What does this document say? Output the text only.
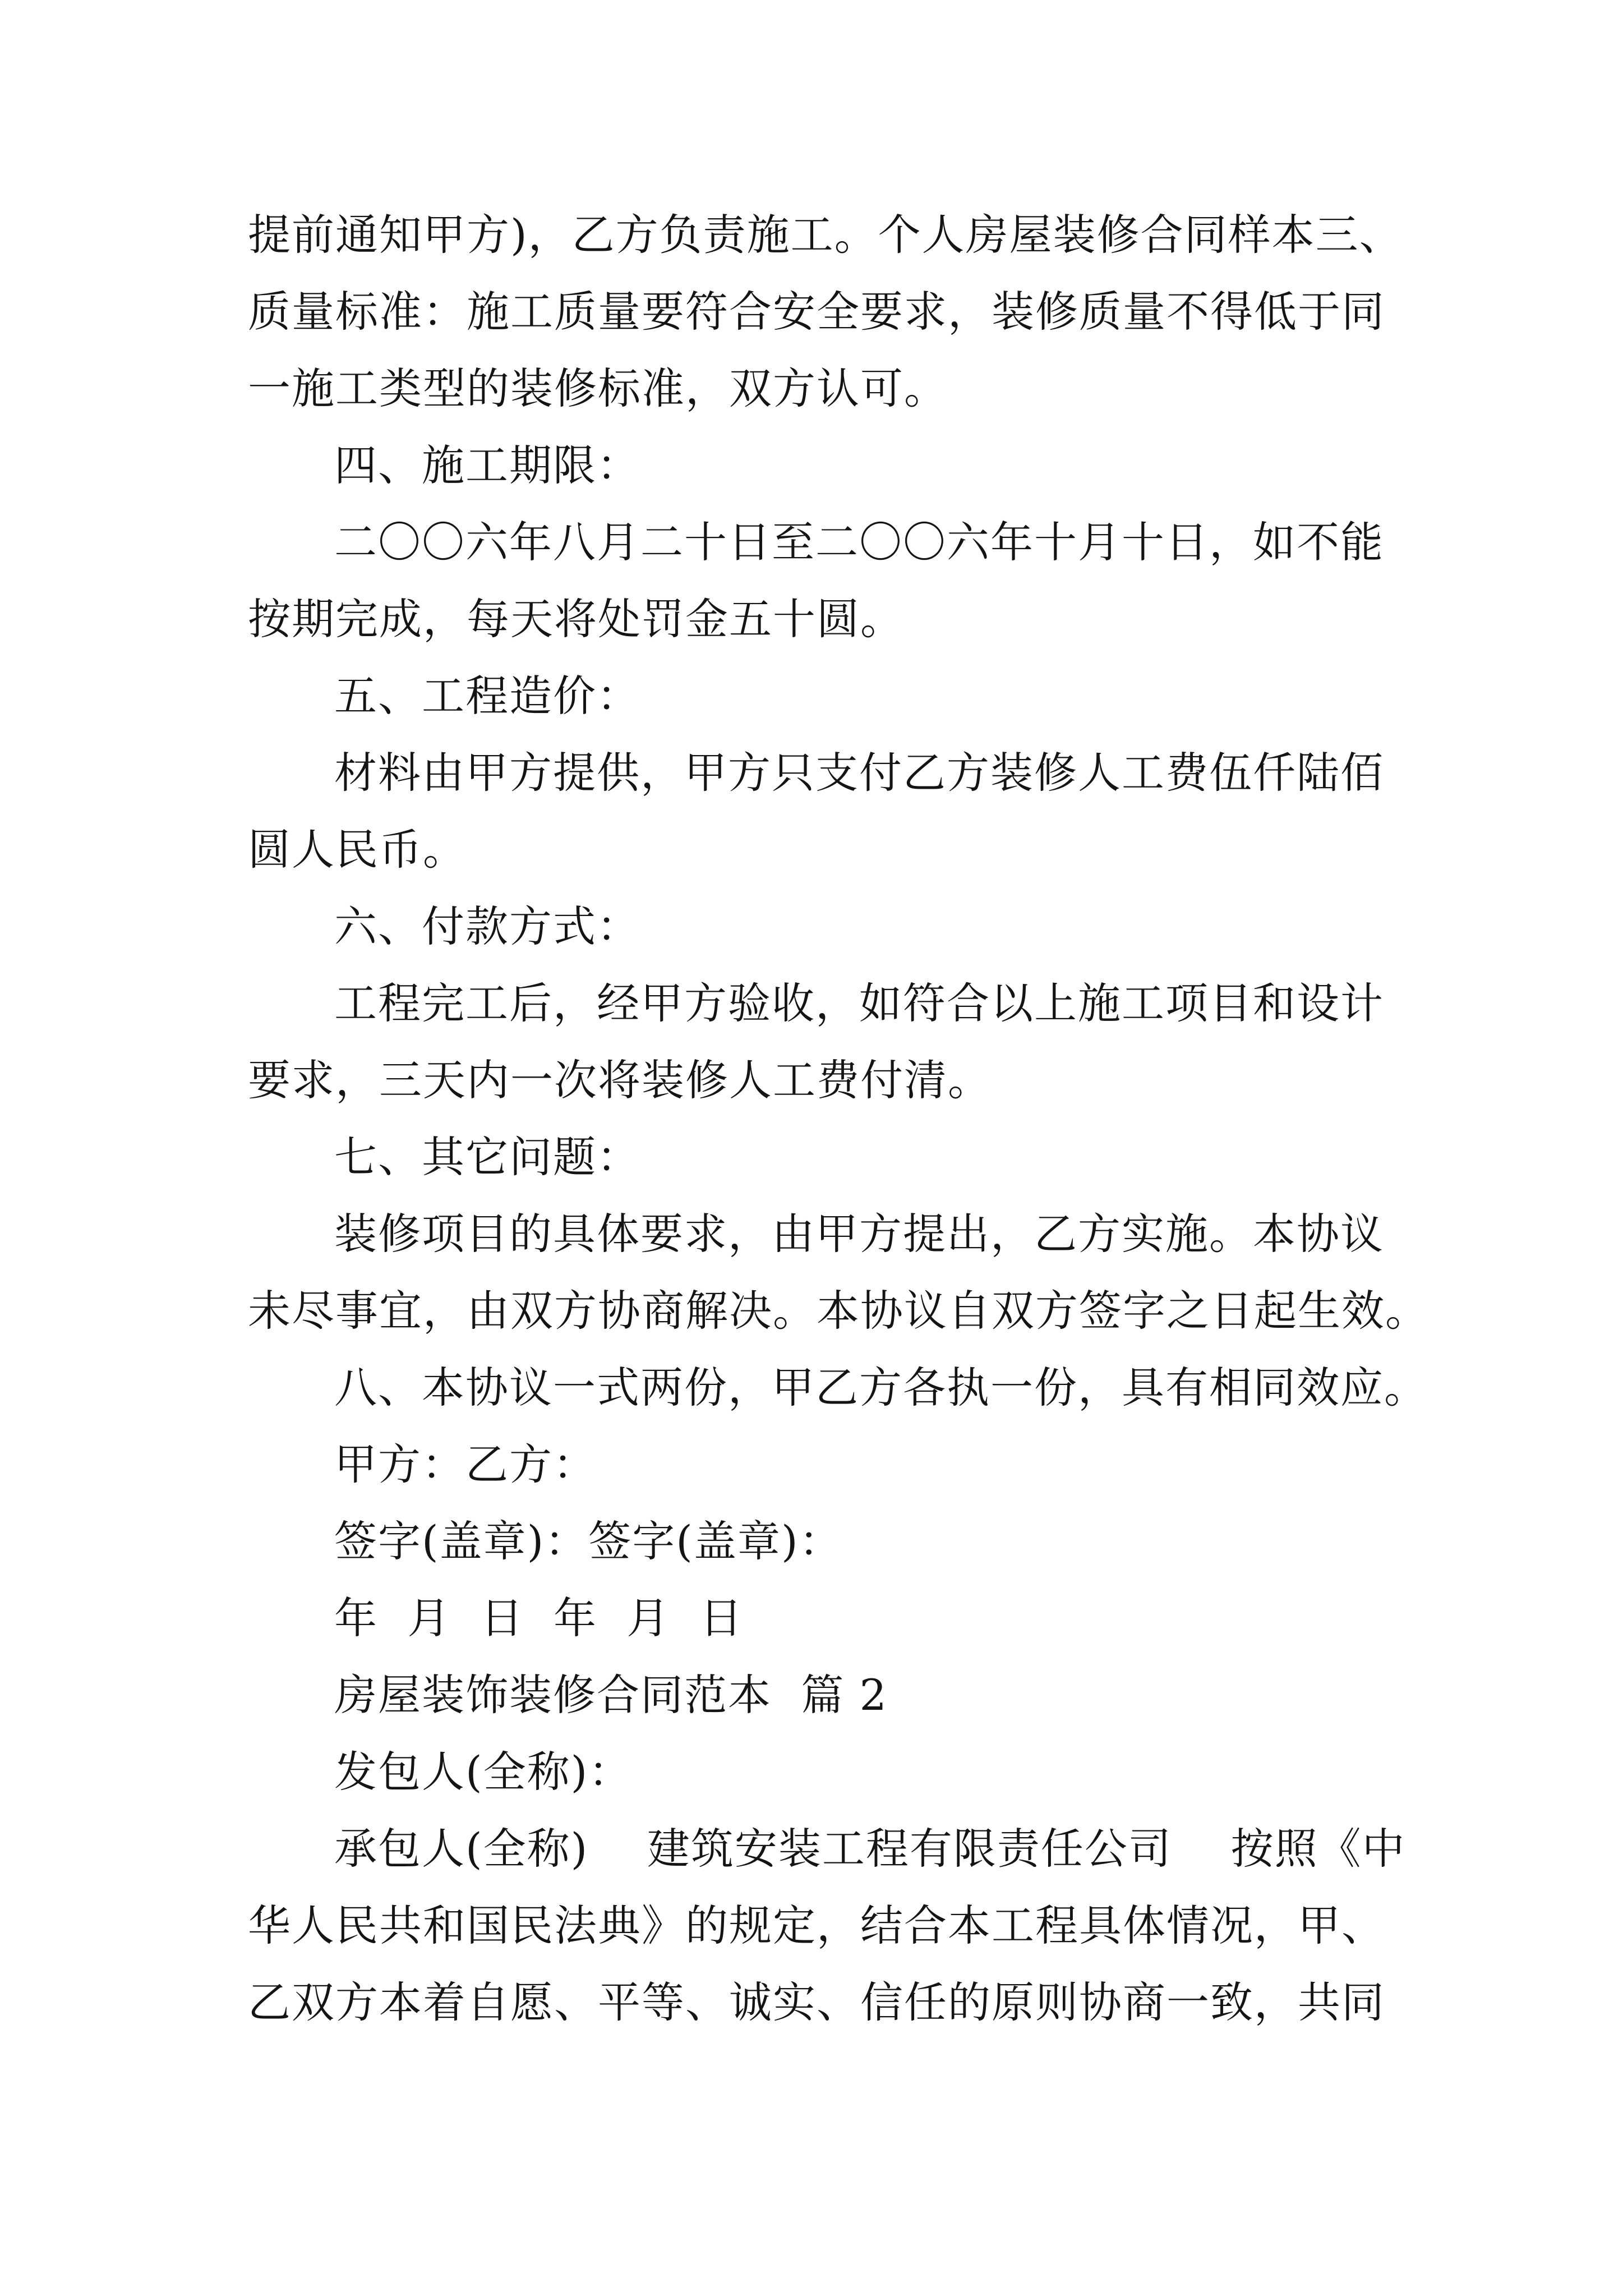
提前通知甲方)，乙方负责施工。个人房屋装修合同样本三、
质量标准：施工质量要符合安全要求，装修质量不得低于同
一施工类型的装修标准，双方认可。
四、施工期限：
二〇〇六年八月二十日至二〇〇六年十月十日，如不能
按期完成，每天将处罚金五十圆。
五、工程造价：
材料由甲方提供，甲方只支付乙方装修人工费伍仟陆佰
圆人民币。
六、付款方式：
工程完工后，经甲方验收，如符合以上施工项目和设计
要求，三天内一次将装修人工费付清。
七、其它问题：
装修项目的具体要求，由甲方提出，乙方实施。本协议
未尽事宜，由双方协商解决。本协议自双方签字之日起生效。
八、本协议一式两份，甲乙方各执一份，具有相同效应。
甲方：乙方：
签字(盖章)：签字(盖章)：
年  月  日  年  月  日
房屋装饰装修合同范本  篇 2
发包人(全称)：
承包人(全称)    建筑安装工程有限责任公司    按照《中
华人民共和国民法典》的规定，结合本工程具体情况，甲、
乙双方本着自愿、平等、诚实、信任的原则协商一致，共同
